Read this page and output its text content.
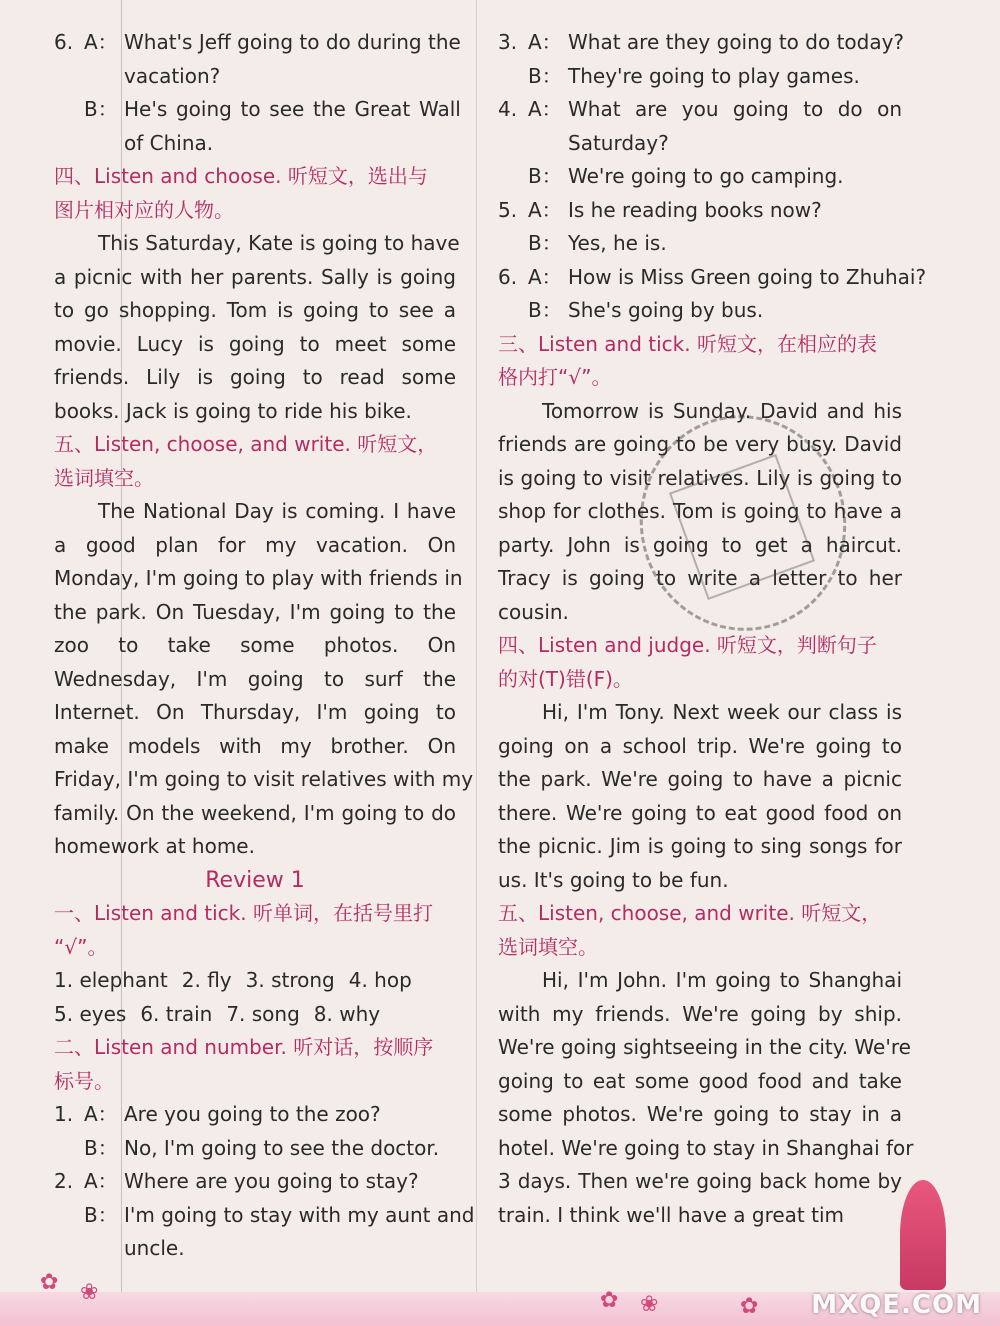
6. A： What's Jeff going to do during the
vacation?
B： He's going to see the Great Wall
of China.
四、Listen and choose. 听短文，选出与
图片相对应的人物。
This Saturday, Kate is going to have
a picnic with her parents. Sally is going
to go shopping. Tom is going to see a
movie. Lucy is going to meet some
friends. Lily is going to read some
books. Jack is going to ride his bike.
五、Listen, choose, and write. 听短文，
选词填空。
The National Day is coming. I have
a good plan for my vacation. On
Monday, I'm going to play with friends in
the park. On Tuesday, I'm going to the
zoo to take some photos. On
Wednesday, I'm going to surf the
Internet. On Thursday, I'm going to
make models with my brother. On
Friday, I'm going to visit relatives with my
family. On the weekend, I'm going to do
homework at home.
Review 1
一、Listen and tick. 听单词，在括号里打
“√”。
1. elephant 2. fly 3. strong 4. hop
5. eyes 6. train 7. song 8. why
二、Listen and number. 听对话，按顺序
标号。
1. A： Are you going to the zoo?
B： No, I'm going to see the doctor.
2. A： Where are you going to stay?
B： I'm going to stay with my aunt and
uncle.
3. A： What are they going to do today?
B： They're going to play games.
4. A： What are you going to do on
Saturday?
B： We're going to go camping.
5. A： Is he reading books now?
B： Yes, he is.
6. A： How is Miss Green going to Zhuhai?
B： She's going by bus.
三、Listen and tick. 听短文，在相应的表
格内打“√”。
Tomorrow is Sunday. David and his
friends are going to be very busy. David
is going to visit relatives. Lily is going to
shop for clothes. Tom is going to have a
party. John is going to get a haircut.
Tracy is going to write a letter to her
cousin.
四、Listen and judge. 听短文，判断句子
的对(T)错(F)。
Hi, I'm Tony. Next week our class is
going on a school trip. We're going to
the park. We're going to have a picnic
there. We're going to eat good food on
the picnic. Jim is going to sing songs for
us. It's going to be fun.
五、Listen, choose, and write. 听短文，
选词填空。
Hi, I'm John. I'm going to Shanghai
with my friends. We're going by ship.
We're going sightseeing in the city. We're
going to eat some good food and take
some photos. We're going to stay in a
hotel. We're going to stay in Shanghai for
3 days. Then we're going back home by
train. I think we'll have a great tim
✿ ❀	✿ ❀	✿ MXQE.COM
